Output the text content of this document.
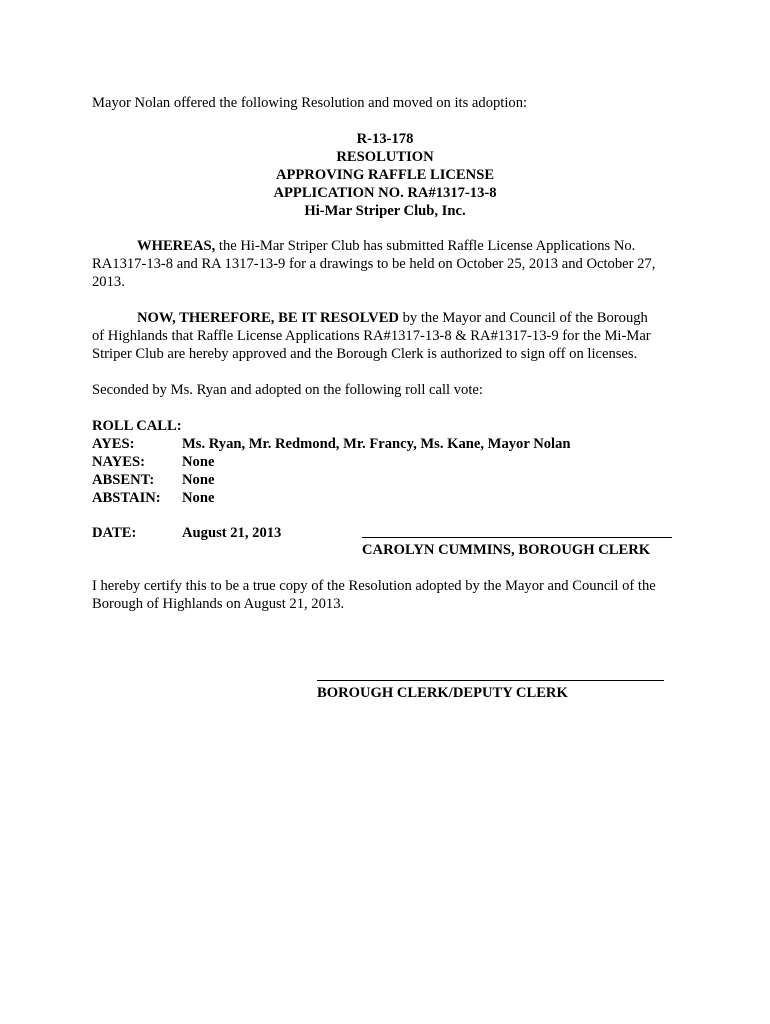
Mayor Nolan offered the following Resolution and moved on its adoption:
R-13-178
RESOLUTION
APPROVING RAFFLE LICENSE
APPLICATION NO. RA#1317-13-8
Hi-Mar Striper Club, Inc.
WHEREAS, the Hi-Mar Striper Club has submitted Raffle License Applications No.
RA1317-13-8 and RA 1317-13-9 for a drawings to be held on October 25, 2013 and October 27,
2013.
NOW, THEREFORE, BE IT RESOLVED by the Mayor and Council of the Borough
of Highlands that Raffle License Applications RA#1317-13-8 & RA#1317-13-9 for the Mi-Mar
Striper Club are hereby approved and the Borough Clerk is authorized to sign off on licenses.
Seconded by Ms. Ryan and adopted on the following roll call vote:
ROLL CALL:
AYES:	Ms. Ryan, Mr. Redmond, Mr. Francy, Ms. Kane, Mayor Nolan
NAYES:	None
ABSENT: None
ABSTAIN: None
DATE:	August 21, 2013
CAROLYN CUMMINS, BOROUGH CLERK
I hereby certify this to be a true copy of the Resolution adopted by the Mayor and Council of the
Borough of Highlands on August 21, 2013.
BOROUGH CLERK/DEPUTY CLERK
